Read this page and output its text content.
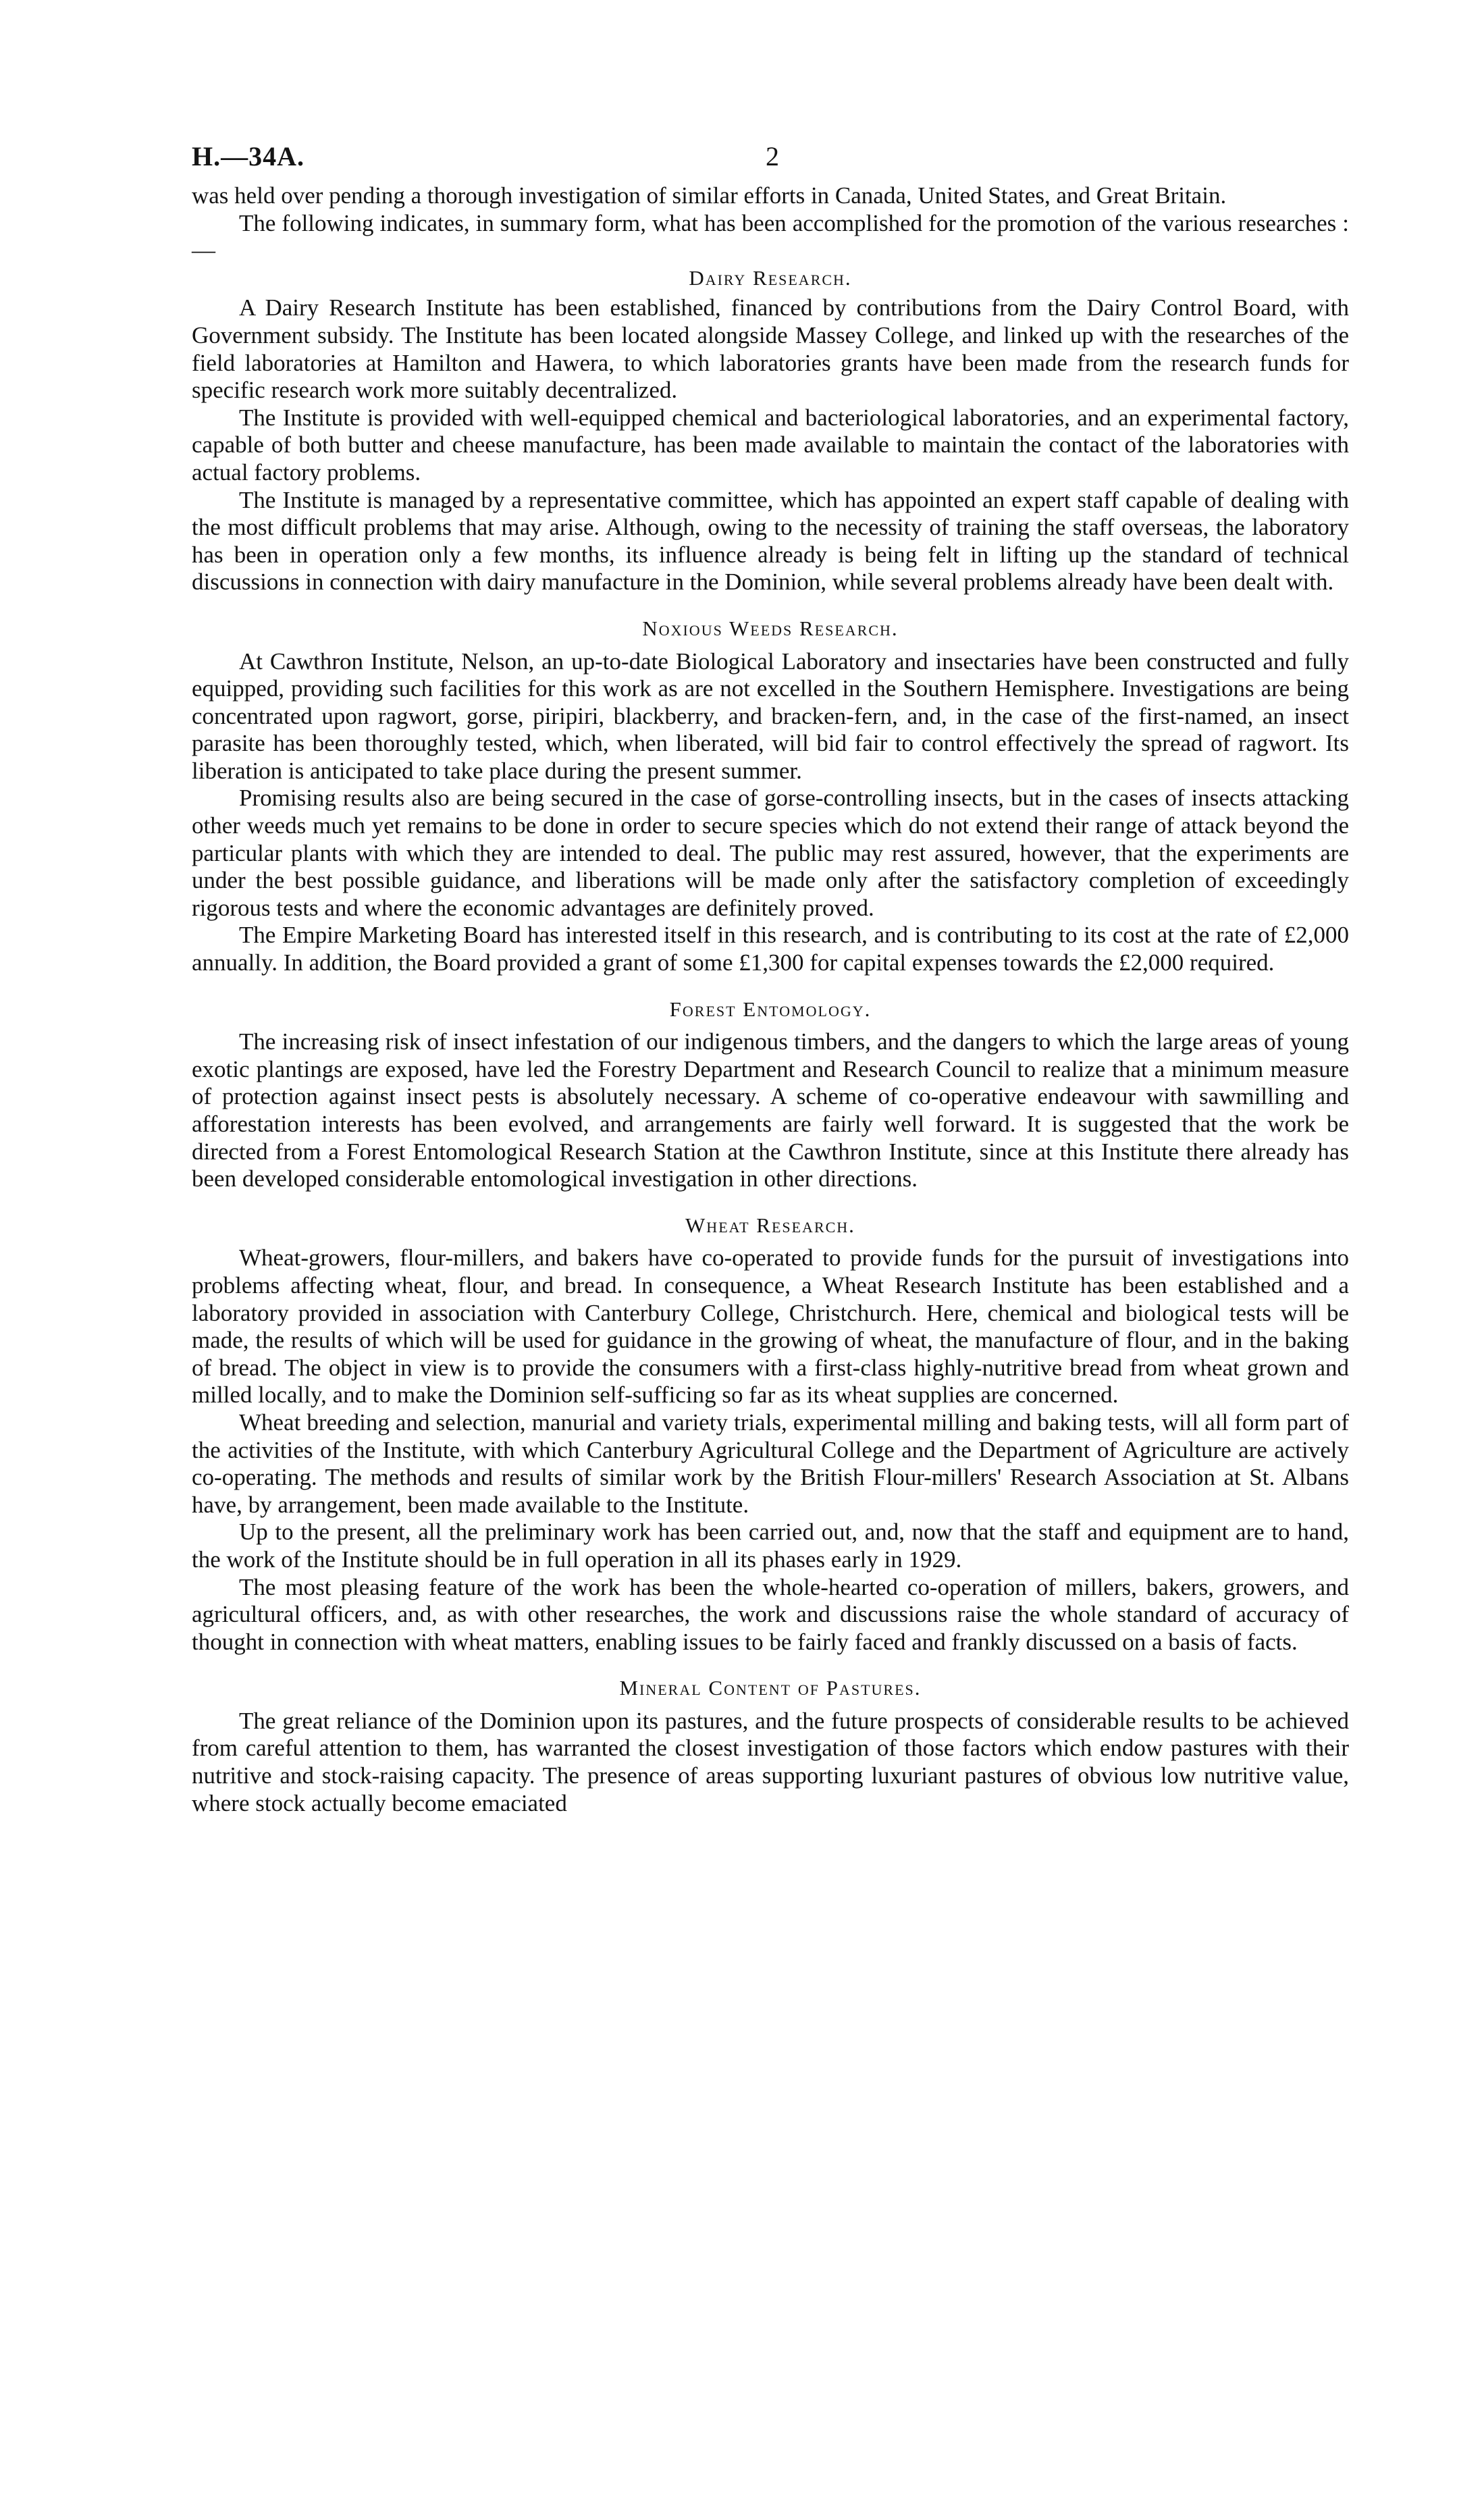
H.—34A.	2

was held over pending a thorough investigation of similar efforts in Canada, United States, and Great Britain.

The following indicates, in summary form, what has been accomplished for the promotion of the various researches :—

Dairy Research.

A Dairy Research Institute has been established, financed by contributions from the Dairy Control Board, with Government subsidy. The Institute has been located alongside Massey College, and linked up with the researches of the field laboratories at Hamilton and Hawera, to which laboratories grants have been made from the research funds for specific research work more suitably decentralized.

The Institute is provided with well-equipped chemical and bacteriological laboratories, and an experimental factory, capable of both butter and cheese manufacture, has been made available to maintain the contact of the laboratories with actual factory problems.

The Institute is managed by a representative committee, which has appointed an expert staff capable of dealing with the most difficult problems that may arise. Although, owing to the necessity of training the staff overseas, the laboratory has been in operation only a few months, its influence already is being felt in lifting up the standard of technical discussions in connection with dairy manufacture in the Dominion, while several problems already have been dealt with.

Noxious Weeds Research.

At Cawthron Institute, Nelson, an up-to-date Biological Laboratory and insectaries have been constructed and fully equipped, providing such facilities for this work as are not excelled in the Southern Hemisphere. Investigations are being concentrated upon ragwort, gorse, piripiri, blackberry, and bracken-fern, and, in the case of the first-named, an insect parasite has been thoroughly tested, which, when liberated, will bid fair to control effectively the spread of ragwort. Its liberation is anticipated to take place during the present summer.

Promising results also are being secured in the case of gorse-controlling insects, but in the cases of insects attacking other weeds much yet remains to be done in order to secure species which do not extend their range of attack beyond the particular plants with which they are intended to deal. The public may rest assured, however, that the experiments are under the best possible guidance, and liberations will be made only after the satisfactory completion of exceedingly rigorous tests and where the economic advantages are definitely proved.

The Empire Marketing Board has interested itself in this research, and is contributing to its cost at the rate of £2,000 annually. In addition, the Board provided a grant of some £1,300 for capital expenses towards the £2,000 required.

Forest Entomology.

The increasing risk of insect infestation of our indigenous timbers, and the dangers to which the large areas of young exotic plantings are exposed, have led the Forestry Department and Research Council to realize that a minimum measure of protection against insect pests is absolutely necessary. A scheme of co-operative endeavour with sawmilling and afforestation interests has been evolved, and arrangements are fairly well forward. It is suggested that the work be directed from a Forest Entomological Research Station at the Cawthron Institute, since at this Institute there already has been developed considerable entomological investigation in other directions.

Wheat Research.

Wheat-growers, flour-millers, and bakers have co-operated to provide funds for the pursuit of investigations into problems affecting wheat, flour, and bread. In consequence, a Wheat Research Institute has been established and a laboratory provided in association with Canterbury College, Christchurch. Here, chemical and biological tests will be made, the results of which will be used for guidance in the growing of wheat, the manufacture of flour, and in the baking of bread. The object in view is to provide the consumers with a first-class highly-nutritive bread from wheat grown and milled locally, and to make the Dominion self-sufficing so far as its wheat supplies are concerned.

Wheat breeding and selection, manurial and variety trials, experimental milling and baking tests, will all form part of the activities of the Institute, with which Canterbury Agricultural College and the Department of Agriculture are actively co-operating. The methods and results of similar work by the British Flour-millers' Research Association at St. Albans have, by arrangement, been made available to the Institute.

Up to the present, all the preliminary work has been carried out, and, now that the staff and equipment are to hand, the work of the Institute should be in full operation in all its phases early in 1929.

The most pleasing feature of the work has been the whole-hearted co-operation of millers, bakers, growers, and agricultural officers, and, as with other researches, the work and discussions raise the whole standard of accuracy of thought in connection with wheat matters, enabling issues to be fairly faced and frankly discussed on a basis of facts.

Mineral Content of Pastures.

The great reliance of the Dominion upon its pastures, and the future prospects of considerable results to be achieved from careful attention to them, has warranted the closest investigation of those factors which endow pastures with their nutritive and stock-raising capacity. The presence of areas supporting luxuriant pastures of obvious low nutritive value, where stock actually become emaciated
